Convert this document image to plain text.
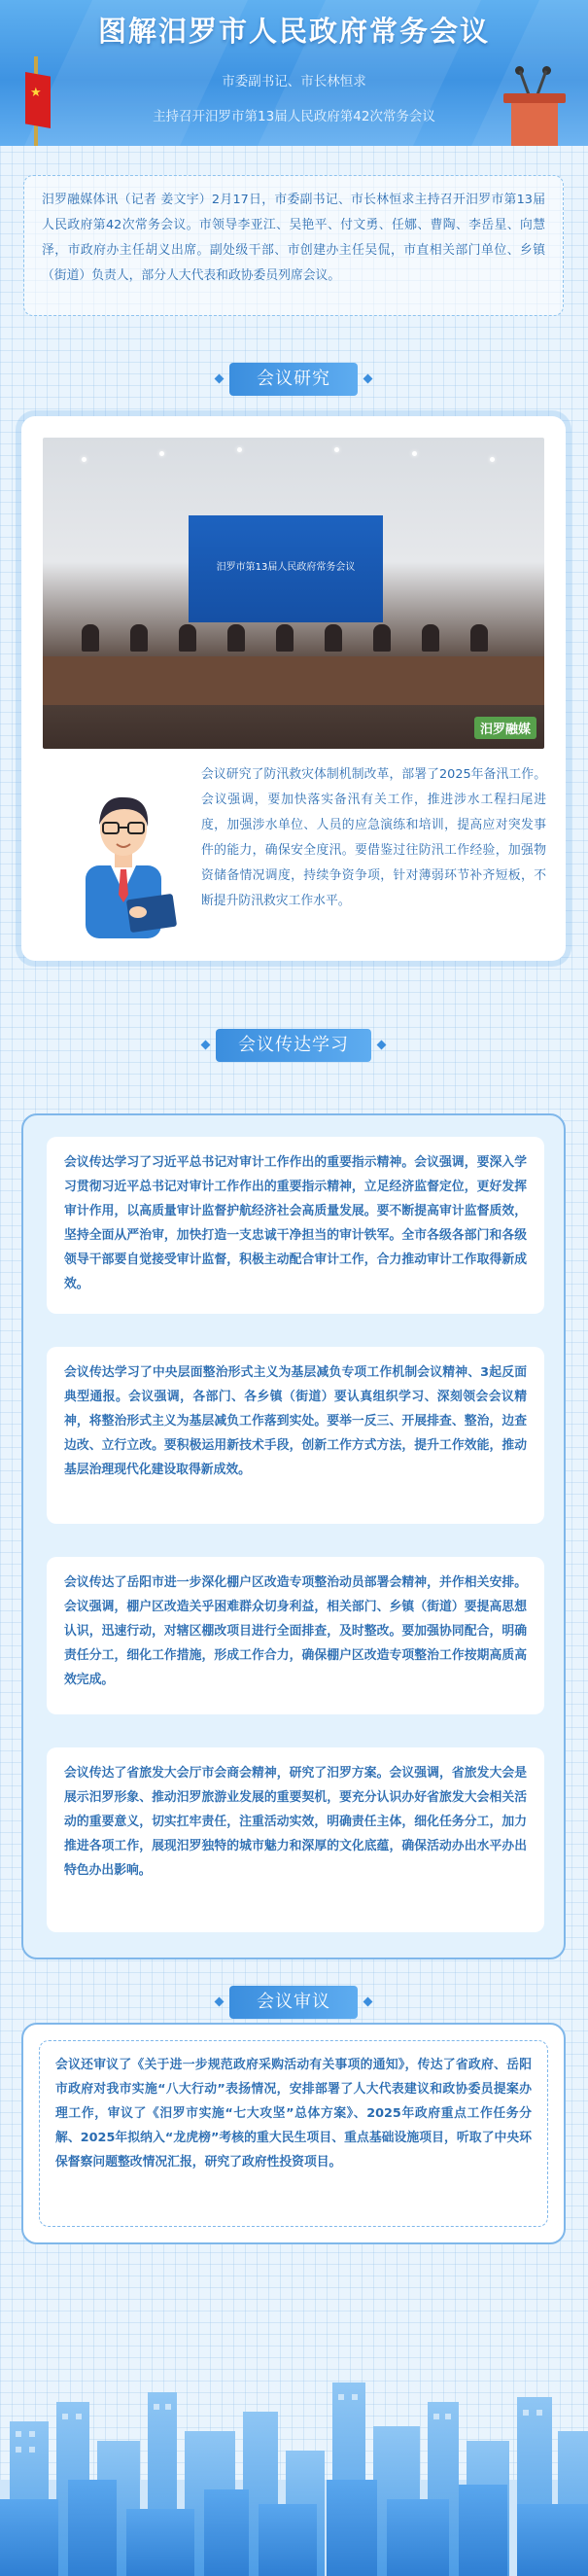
图解汨罗市人民政府常务会议
市委副书记、市长林恒求
主持召开汨罗市第13届人民政府第42次常务会议
★
汨罗融媒体讯（记者 姜文宇）2月17日，市委副书记、市长林恒求主持召开汨罗市第13届人民政府第42次常务会议。市领导李亚江、吴艳平、付文勇、任娜、曹陶、李岳星、向慧泽，市政府办主任胡义出席。副处级干部、市创建办主任吴侃，市直相关部门单位、乡镇（街道）负责人，部分人大代表和政协委员列席会议。
会议研究
汨罗市第13届人民政府常务会议
汨罗融媒
会议研究了防汛救灾体制机制改革，部署了2025年备汛工作。会议强调，要加快落实备汛有关工作，推进涉水工程扫尾进度，加强涉水单位、人员的应急演练和培训，提高应对突发事件的能力，确保安全度汛。要借鉴过往防汛工作经验，加强物资储备情况调度，持续争资争项，针对薄弱环节补齐短板，不断提升防汛救灾工作水平。
会议传达学习
会议传达学习了习近平总书记对审计工作作出的重要指示精神。会议强调，要深入学习贯彻习近平总书记对审计工作作出的重要指示精神，立足经济监督定位，更好发挥审计作用，以高质量审计监督护航经济社会高质量发展。要不断提高审计监督质效，坚持全面从严治审，加快打造一支忠诚干净担当的审计铁军。全市各级各部门和各级领导干部要自觉接受审计监督，积极主动配合审计工作，合力推动审计工作取得新成效。
会议传达学习了中央层面整治形式主义为基层减负专项工作机制会议精神、3起反面典型通报。会议强调，各部门、各乡镇（街道）要认真组织学习、深刻领会会议精神，将整治形式主义为基层减负工作落到实处。要举一反三、开展排查、整治，边查边改、立行立改。要积极运用新技术手段，创新工作方式方法，提升工作效能，推动基层治理现代化建设取得新成效。
会议传达了岳阳市进一步深化棚户区改造专项整治动员部署会精神，并作相关安排。会议强调，棚户区改造关乎困难群众切身利益，相关部门、乡镇（街道）要提高思想认识，迅速行动，对辖区棚改项目进行全面排查，及时整改。要加强协同配合，明确责任分工，细化工作措施，形成工作合力，确保棚户区改造专项整治工作按期高质高效完成。
会议传达了省旅发大会厅市会商会精神，研究了汨罗方案。会议强调，省旅发大会是展示汨罗形象、推动汨罗旅游业发展的重要契机，要充分认识办好省旅发大会相关活动的重要意义，切实扛牢责任，注重活动实效，明确责任主体，细化任务分工，加力推进各项工作，展现汨罗独特的城市魅力和深厚的文化底蕴，确保活动办出水平办出特色办出影响。
会议审议
会议还审议了《关于进一步规范政府采购活动有关事项的通知》，传达了省政府、岳阳市政府对我市实施“八大行动”表扬情况，安排部署了人大代表建议和政协委员提案办理工作，审议了《汨罗市实施“七大攻坚”总体方案》、2025年政府重点工作任务分解、2025年拟纳入“龙虎榜”考核的重大民生项目、重点基础设施项目，听取了中央环保督察问题整改情况汇报，研究了政府性投资项目。
